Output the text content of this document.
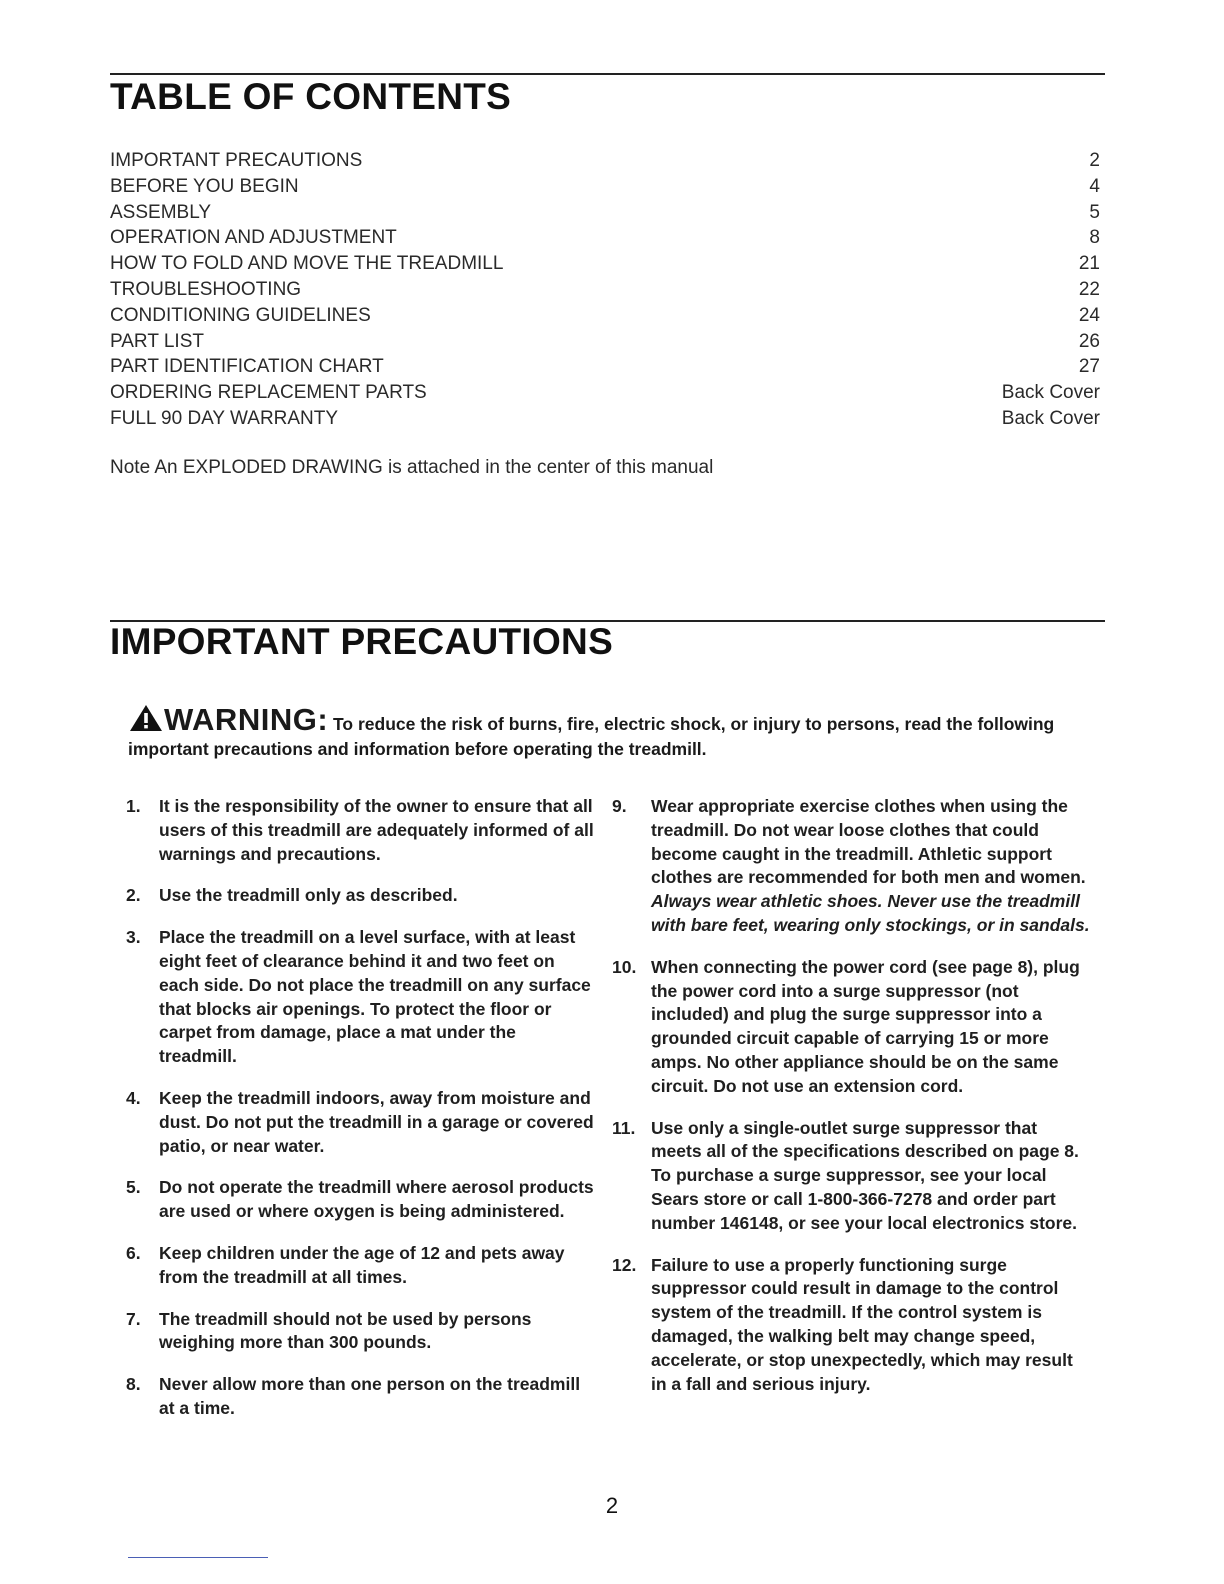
TABLE OF CONTENTS
IMPORTANT PRECAUTIONS	2
BEFORE YOU BEGIN	4
ASSEMBLY	5
OPERATION AND ADJUSTMENT	8
HOW TO FOLD AND MOVE THE TREADMILL	21
TROUBLESHOOTING	22
CONDITIONING GUIDELINES	24
PART LIST	26
PART IDENTIFICATION CHART	27
ORDERING REPLACEMENT PARTS	Back Cover
FULL 90 DAY WARRANTY	Back Cover
Note An EXPLODED DRAWING is attached in the center of this manual
IMPORTANT PRECAUTIONS
WARNING: To reduce the risk of burns, fire, electric shock, or injury to persons, read the following important precautions and information before operating the treadmill.
1.	It is the responsibility of the owner to ensure that all users of this treadmill are adequately informed of all warnings and precautions.
2.	Use the treadmill only as described.
3.	Place the treadmill on a level surface, with at least eight feet of clearance behind it and two feet on each side. Do not place the treadmill on any surface that blocks air openings. To protect the floor or carpet from damage, place a mat under the treadmill.
4.	Keep the treadmill indoors, away from moisture and dust. Do not put the treadmill in a garage or covered patio, or near water.
5.	Do not operate the treadmill where aerosol products are used or where oxygen is being administered.
6.	Keep children under the age of 12 and pets away from the treadmill at all times.
7.	The treadmill should not be used by persons weighing more than 300 pounds.
8.	Never allow more than one person on the treadmill at a time.
9.	Wear appropriate exercise clothes when using the treadmill. Do not wear loose clothes that could become caught in the treadmill. Athletic support clothes are recommended for both men and women. Always wear athletic shoes. Never use the treadmill with bare feet, wearing only stockings, or in sandals.
10. When connecting the power cord (see page 8), plug the power cord into a surge suppressor (not included) and plug the surge suppressor into a grounded circuit capable of carrying 15 or more amps. No other appliance should be on the same circuit. Do not use an extension cord.
11. Use only a single-outlet surge suppressor that meets all of the specifications described on page 8. To purchase a surge suppressor, see your local Sears store or call 1-800-366-7278 and order part number 146148, or see your local electronics store.
12. Failure to use a properly functioning surge suppressor could result in damage to the control system of the treadmill. If the control system is damaged, the walking belt may change speed, accelerate, or stop unexpectedly, which may result in a fall and serious injury.
2
